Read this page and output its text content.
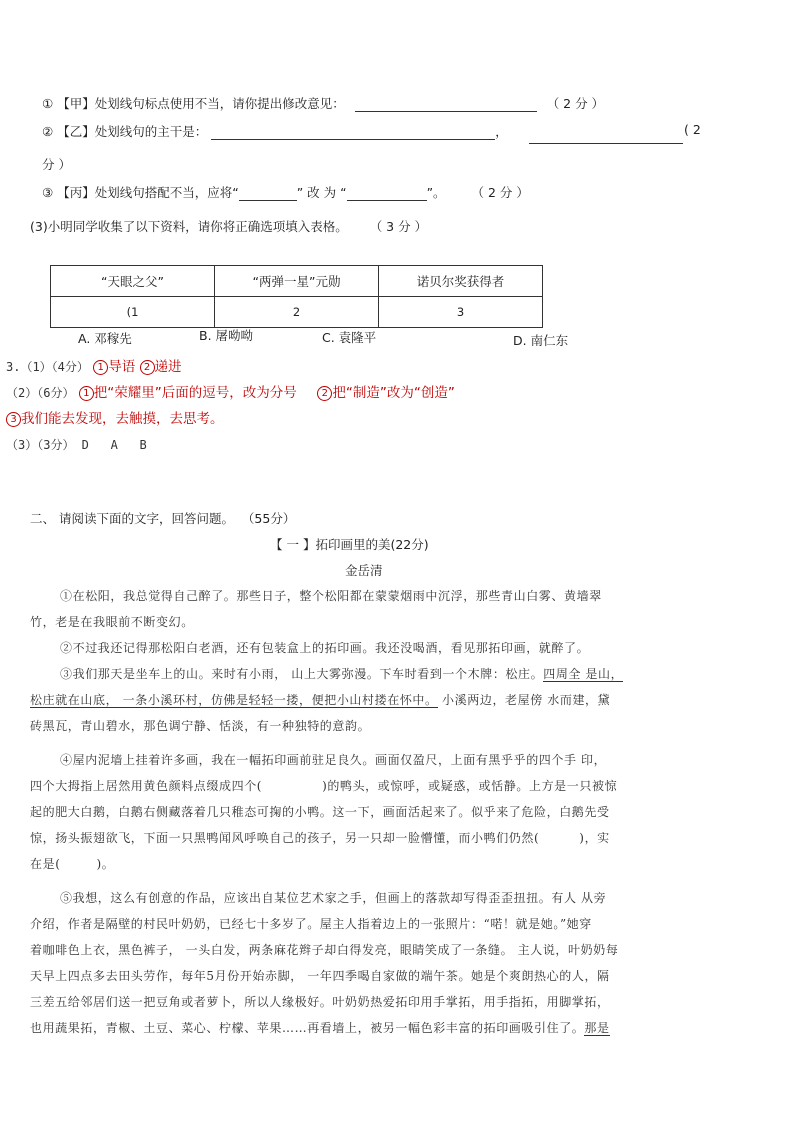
① 【甲】处划线句标点使用不当，请你提出修改意见：	（ 2 分 ）
② 【乙】处划线句的主干是：	，	( 2
分 ）
③ 【丙】处划线句搭配不当，应将“	” 改 为 “	”。 （ 2 分 ）
(3)小明同学收集了以下资料，请你将正确选项填入表格。 （ 3 分 ）
“天眼之父”	“两弹一星”元勋	诺贝尔奖获得者
(1	2	3
A. 邓稼先	B. 屠呦呦	C. 袁隆平	D. 南仁东
3.（1）（4分） 1 导语 2 递进
（2）（6分） 1 把“荣耀里”后面的逗号，改为分号 2 把“制造”改为“创造”
3 我们能去发现，去触摸，去思考。
（3）（3分） D   A   B
二、 请阅读下面的文字，回答问题。  （55分）
【 一 】拓印画里的美(22分)
金岳清
①在松阳，我总觉得自己醉了。那些日子，整个松阳都在蒙蒙烟雨中沉浮，那些青山白雾、黄墙翠
竹，老是在我眼前不断变幻。
②不过我还记得那松阳白老酒，还有包装盒上的拓印画。我还没喝酒，看见那拓印画，就醉了。
③我们那天是坐车上的山。来时有小雨， 山上大雾弥漫。下车时看到一个木牌：松庄。四周全 是山，
松庄就在山底， 一条小溪环村，仿佛是轻轻一搂，便把小山村搂在怀中。 小溪两边，老屋傍 水而建，黛
砖黑瓦，青山碧水，那色调宁静、恬淡，有一种独特的意韵。
④屋内泥墙上挂着许多画，我在一幅拓印画前驻足良久。画面仅盈尺，上面有黑乎乎的四个手 印，
四个大拇指上居然用黄色颜料点缀成四个(	)的鸭头，或惊呼，或疑惑，或恬静。上方是一只被惊
起的肥大白鹅，白鹅右侧藏落着几只稚态可掬的小鸭。这一下，画面活起来了。似乎来了危险，白鹅先受
惊，扬头振翅欲飞，下面一只黑鸭闻风呼唤自己的孩子，另一只却一脸懵懂，而小鸭们仍然(	)，实
在是(	)。
⑤我想，这么有创意的作品，应该出自某位艺术家之手，但画上的落款却写得歪歪扭扭。有人 从旁
介绍，作者是隔壁的村民叶奶奶，已经七十多岁了。屋主人指着边上的一张照片：“喏！就是她。”她穿
着咖啡色上衣，黑色裤子， 一头白发，两条麻花辫子却白得发亮，眼睛笑成了一条缝。 主人说，叶奶奶每
天早上四点多去田头劳作，每年5月份开始赤脚， 一年四季喝自家做的端午茶。她是个爽朗热心的人，隔
三差五给邻居们送一把豆角或者萝卜，所以人缘极好。叶奶奶热爱拓印用手掌拓，用手指拓，用脚掌拓，
也用蔬果拓，青椒、土豆、菜心、柠檬、苹果……再看墙上，被另一幅色彩丰富的拓印画吸引住了。那是
